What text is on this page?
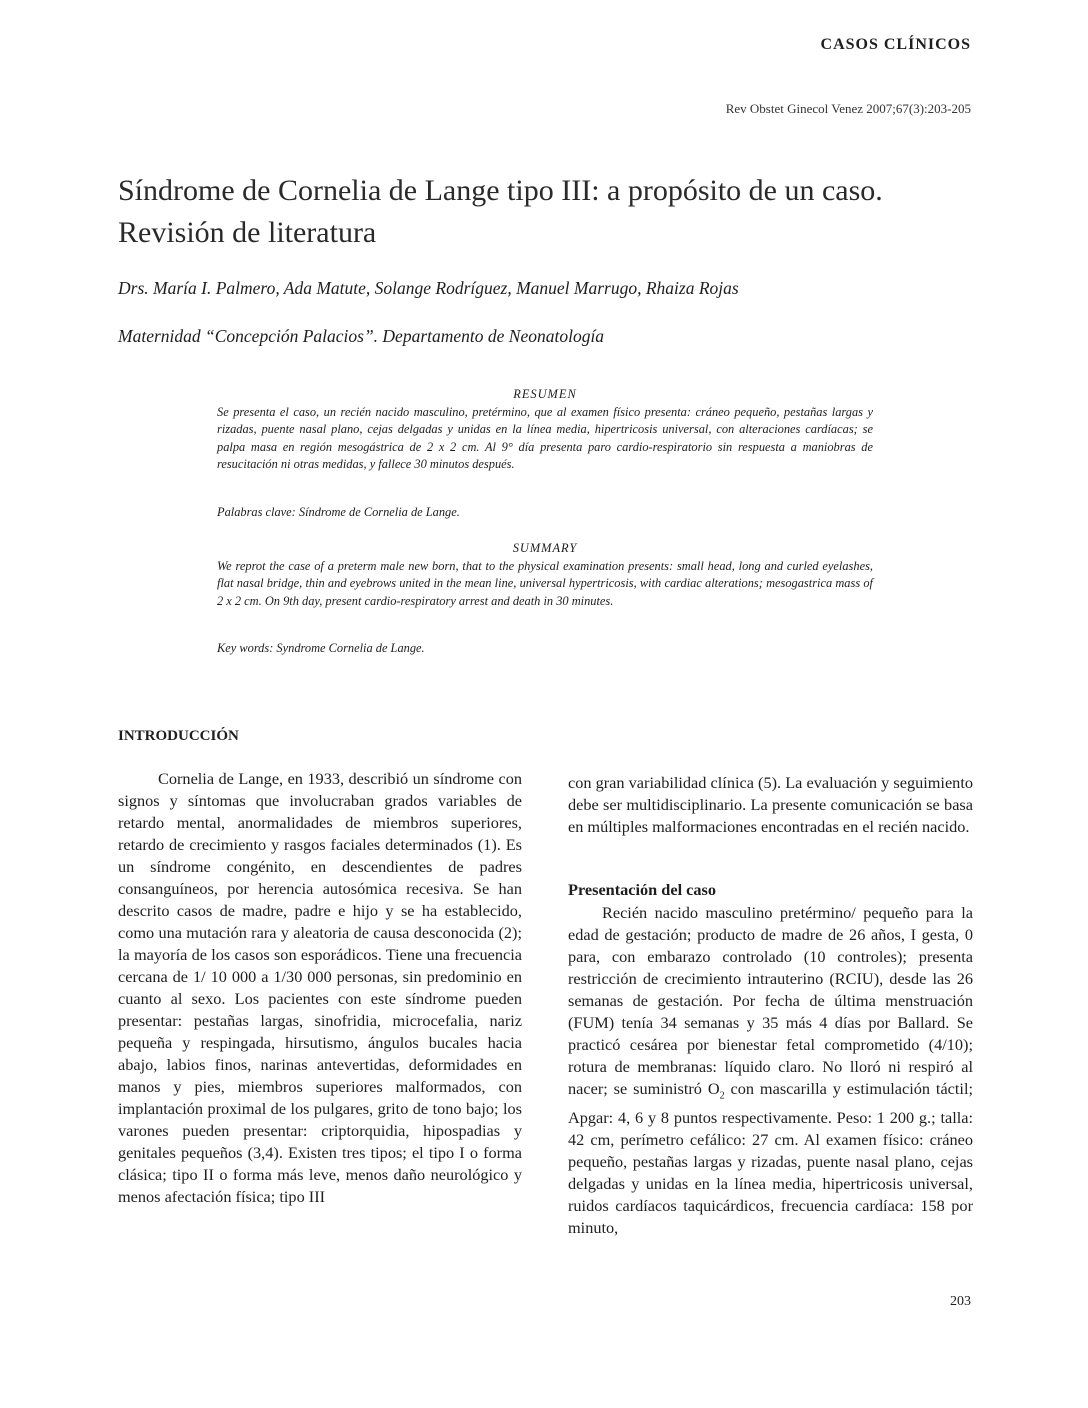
CASOS CLÍNICOS
Rev Obstet Ginecol Venez 2007;67(3):203-205
Síndrome de Cornelia de Lange tipo III: a propósito de un caso.
Revisión de literatura
Drs. María I. Palmero, Ada Matute, Solange Rodríguez, Manuel Marrugo, Rhaiza Rojas
Maternidad “Concepción Palacios”. Departamento de Neonatología

RESUMEN

Se presenta el caso, un recién nacido masculino, pretérmino, que al examen físico presenta: cráneo pequeño, pestañas largas y rizadas, puente nasal plano, cejas delgadas y unidas en la línea media, hipertricosis universal, con alteraciones cardíacas; se palpa masa en región mesogástrica de 2 x 2 cm. Al 9° día presenta paro cardio-respiratorio sin respuesta a maniobras de resucitación ni otras medidas, y fallece 30 minutos después.

Palabras clave: Síndrome de Cornelia de Lange.

SUMMARY

We reprot the case of a preterm male new born, that to the physical examination presents: small head, long and curled eyelashes, flat nasal bridge, thin and eyebrows united in the mean line, universal hypertricosis, with cardiac alterations; mesogastrica mass of 2 x 2 cm. On 9th day, present cardio-respiratory arrest and death in 30 minutes.

Key words: Syndrome Cornelia de Lange.
INTRODUCCIÓN
Cornelia de Lange, en 1933, describió un síndrome con signos y síntomas que involucraban grados variables de retardo mental, anormalidades de miembros superiores, retardo de crecimiento y rasgos faciales determinados (1). Es un síndrome congénito, en descendientes de padres consanguíneos, por herencia autosómica recesiva. Se han descrito casos de madre, padre e hijo y se ha establecido, como una mutación rara y aleatoria de causa desconocida (2); la mayoría de los casos son esporádicos. Tiene una frecuencia cercana de 1/ 10 000 a 1/30 000 personas, sin predominio en cuanto al sexo. Los pacientes con este síndrome pueden presentar: pestañas largas, sinofridia, microcefalia, nariz pequeña y respingada, hirsutismo, ángulos bucales hacia abajo, labios finos, narinas antevertidas, deformidades en manos y pies, miembros superiores malformados, con implantación proximal de los pulgares, grito de tono bajo; los varones pueden presentar: criptorquidia, hipospadias y genitales pequeños (3,4). Existen tres tipos; el tipo I o forma clásica; tipo II o forma más leve, menos daño neurológico y menos afectación física; tipo III
con gran variabilidad clínica (5). La evaluación y seguimiento debe ser multidisciplinario. La presente comunicación se basa en múltiples malformaciones encontradas en el recién nacido.
Presentación del caso
Recién nacido masculino pretérmino/ pequeño para la edad de gestación; producto de madre de 26 años, I gesta, 0 para, con embarazo controlado (10 controles); presenta restricción de crecimiento intrauterino (RCIU), desde las 26 semanas de gestación. Por fecha de última menstruación (FUM) tenía 34 semanas y 35 más 4 días por Ballard. Se practicó cesárea por bienestar fetal comprometido (4/10); rotura de membranas: líquido claro. No lloró ni respiró al nacer; se suministró $O_2$ con mascarilla y estimulación táctil; Apgar: 4, 6 y 8 puntos respectivamente. Peso: 1 200 g.; talla: 42 cm, perímetro cefálico: 27 cm. Al examen físico: cráneo pequeño, pestañas largas y rizadas, puente nasal plano, cejas delgadas y unidas en la línea media, hipertricosis universal, ruidos cardíacos taquicárdicos, frecuencia cardíaca: 158 por minuto,
203
